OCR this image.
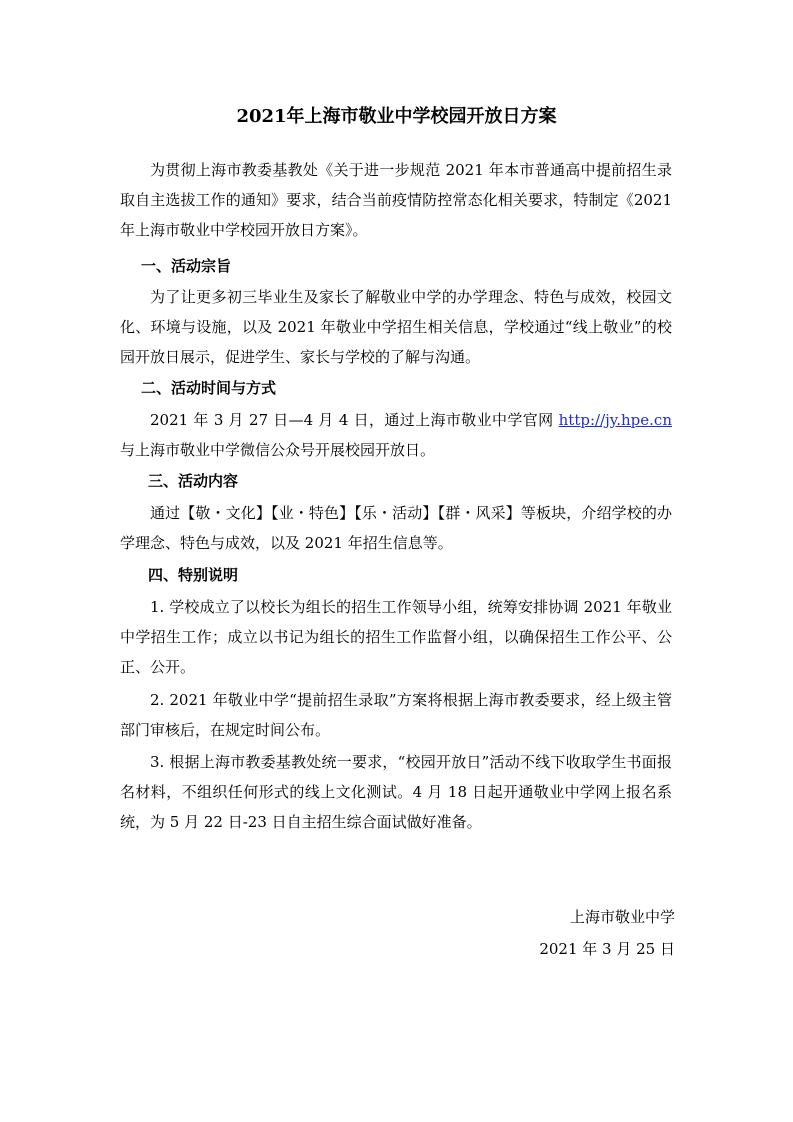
2021年上海市敬业中学校园开放日方案

为贯彻上海市教委基教处《关于进一步规范 2021 年本市普通高中提前招生录取自主选拔工作的通知》要求，结合当前疫情防控常态化相关要求，特制定《2021 年上海市敬业中学校园开放日方案》。

一、活动宗旨

为了让更多初三毕业生及家长了解敬业中学的办学理念、特色与成效，校园文化、环境与设施，以及 2021 年敬业中学招生相关信息，学校通过“线上敬业”的校园开放日展示，促进学生、家长与学校的了解与沟通。

二、活动时间与方式

2021 年 3 月 27 日—4 月 4 日，通过上海市敬业中学官网 http://jy.hpe.cn 与上海市敬业中学微信公众号开展校园开放日。

三、活动内容

通过【敬・文化】【业・特色】【乐・活动】【群・风采】等板块，介绍学校的办学理念、特色与成效，以及 2021 年招生信息等。

四、特别说明

1. 学校成立了以校长为组长的招生工作领导小组，统筹安排协调 2021 年敬业中学招生工作；成立以书记为组长的招生工作监督小组，以确保招生工作公平、公正、公开。

2. 2021 年敬业中学“提前招生录取”方案将根据上海市教委要求，经上级主管部门审核后，在规定时间公布。

3. 根据上海市教委基教处统一要求，“校园开放日”活动不线下收取学生书面报名材料，不组织任何形式的线上文化测试。4 月 18 日起开通敬业中学网上报名系统，为 5 月 22 日-23 日自主招生综合面试做好准备。

上海市敬业中学
2021 年 3 月 25 日
